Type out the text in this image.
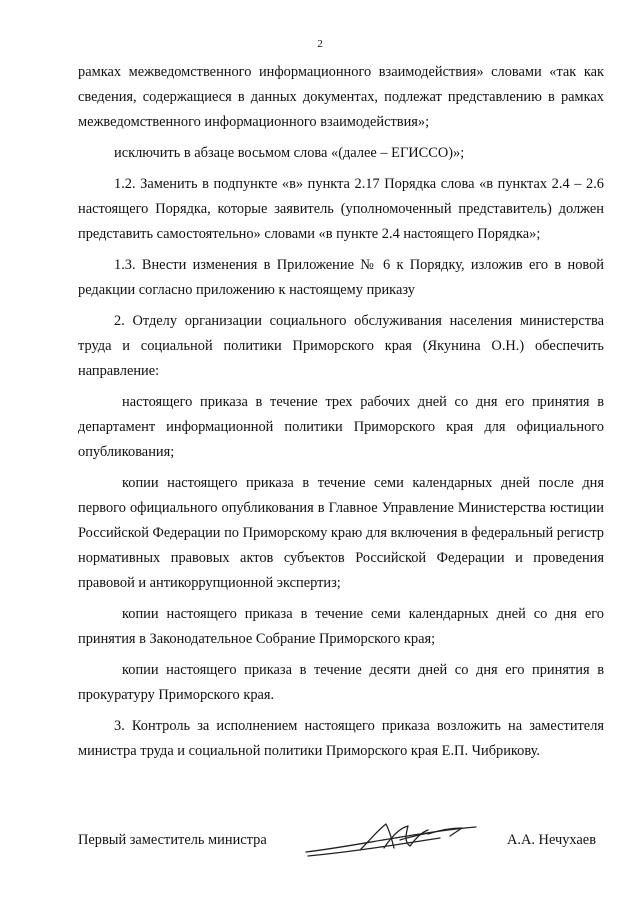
2

рамках межведомственного информационного взаимодействия» словами «так как сведения, содержащиеся в данных документах, подлежат представлению в рамках межведомственного информационного взаимодействия»;

исключить в абзаце восьмом слова «(далее – ЕГИССО)»;

1.2. Заменить в подпункте «в» пункта 2.17 Порядка слова «в пунктах 2.4 – 2.6 настоящего Порядка, которые заявитель (уполномоченный представитель) должен представить самостоятельно» словами «в пункте 2.4 настоящего Порядка»;

1.3. Внести изменения в Приложение № 6 к Порядку, изложив его в новой редакции согласно приложению к настоящему приказу

2. Отделу организации социального обслуживания населения министерства труда и социальной политики Приморского края (Якунина О.Н.) обеспечить направление:

настоящего приказа в течение трех рабочих дней со дня его принятия в департамент информационной политики Приморского края для официального опубликования;

копии настоящего приказа в течение семи календарных дней после дня первого официального опубликования в Главное Управление Министерства юстиции Российской Федерации по Приморскому краю для включения в федеральный регистр нормативных правовых актов субъектов Российской Федерации и проведения правовой и антикоррупционной экспертиз;

копии настоящего приказа в течение семи календарных дней со дня его принятия в Законодательное Собрание Приморского края;

копии настоящего приказа в течение десяти дней со дня его принятия в прокуратуру Приморского края.

3. Контроль за исполнением настоящего приказа возложить на заместителя министра труда и социальной политики Приморского края Е.П. Чибрикову.

Первый заместитель министра	А.А. Нечухаев
